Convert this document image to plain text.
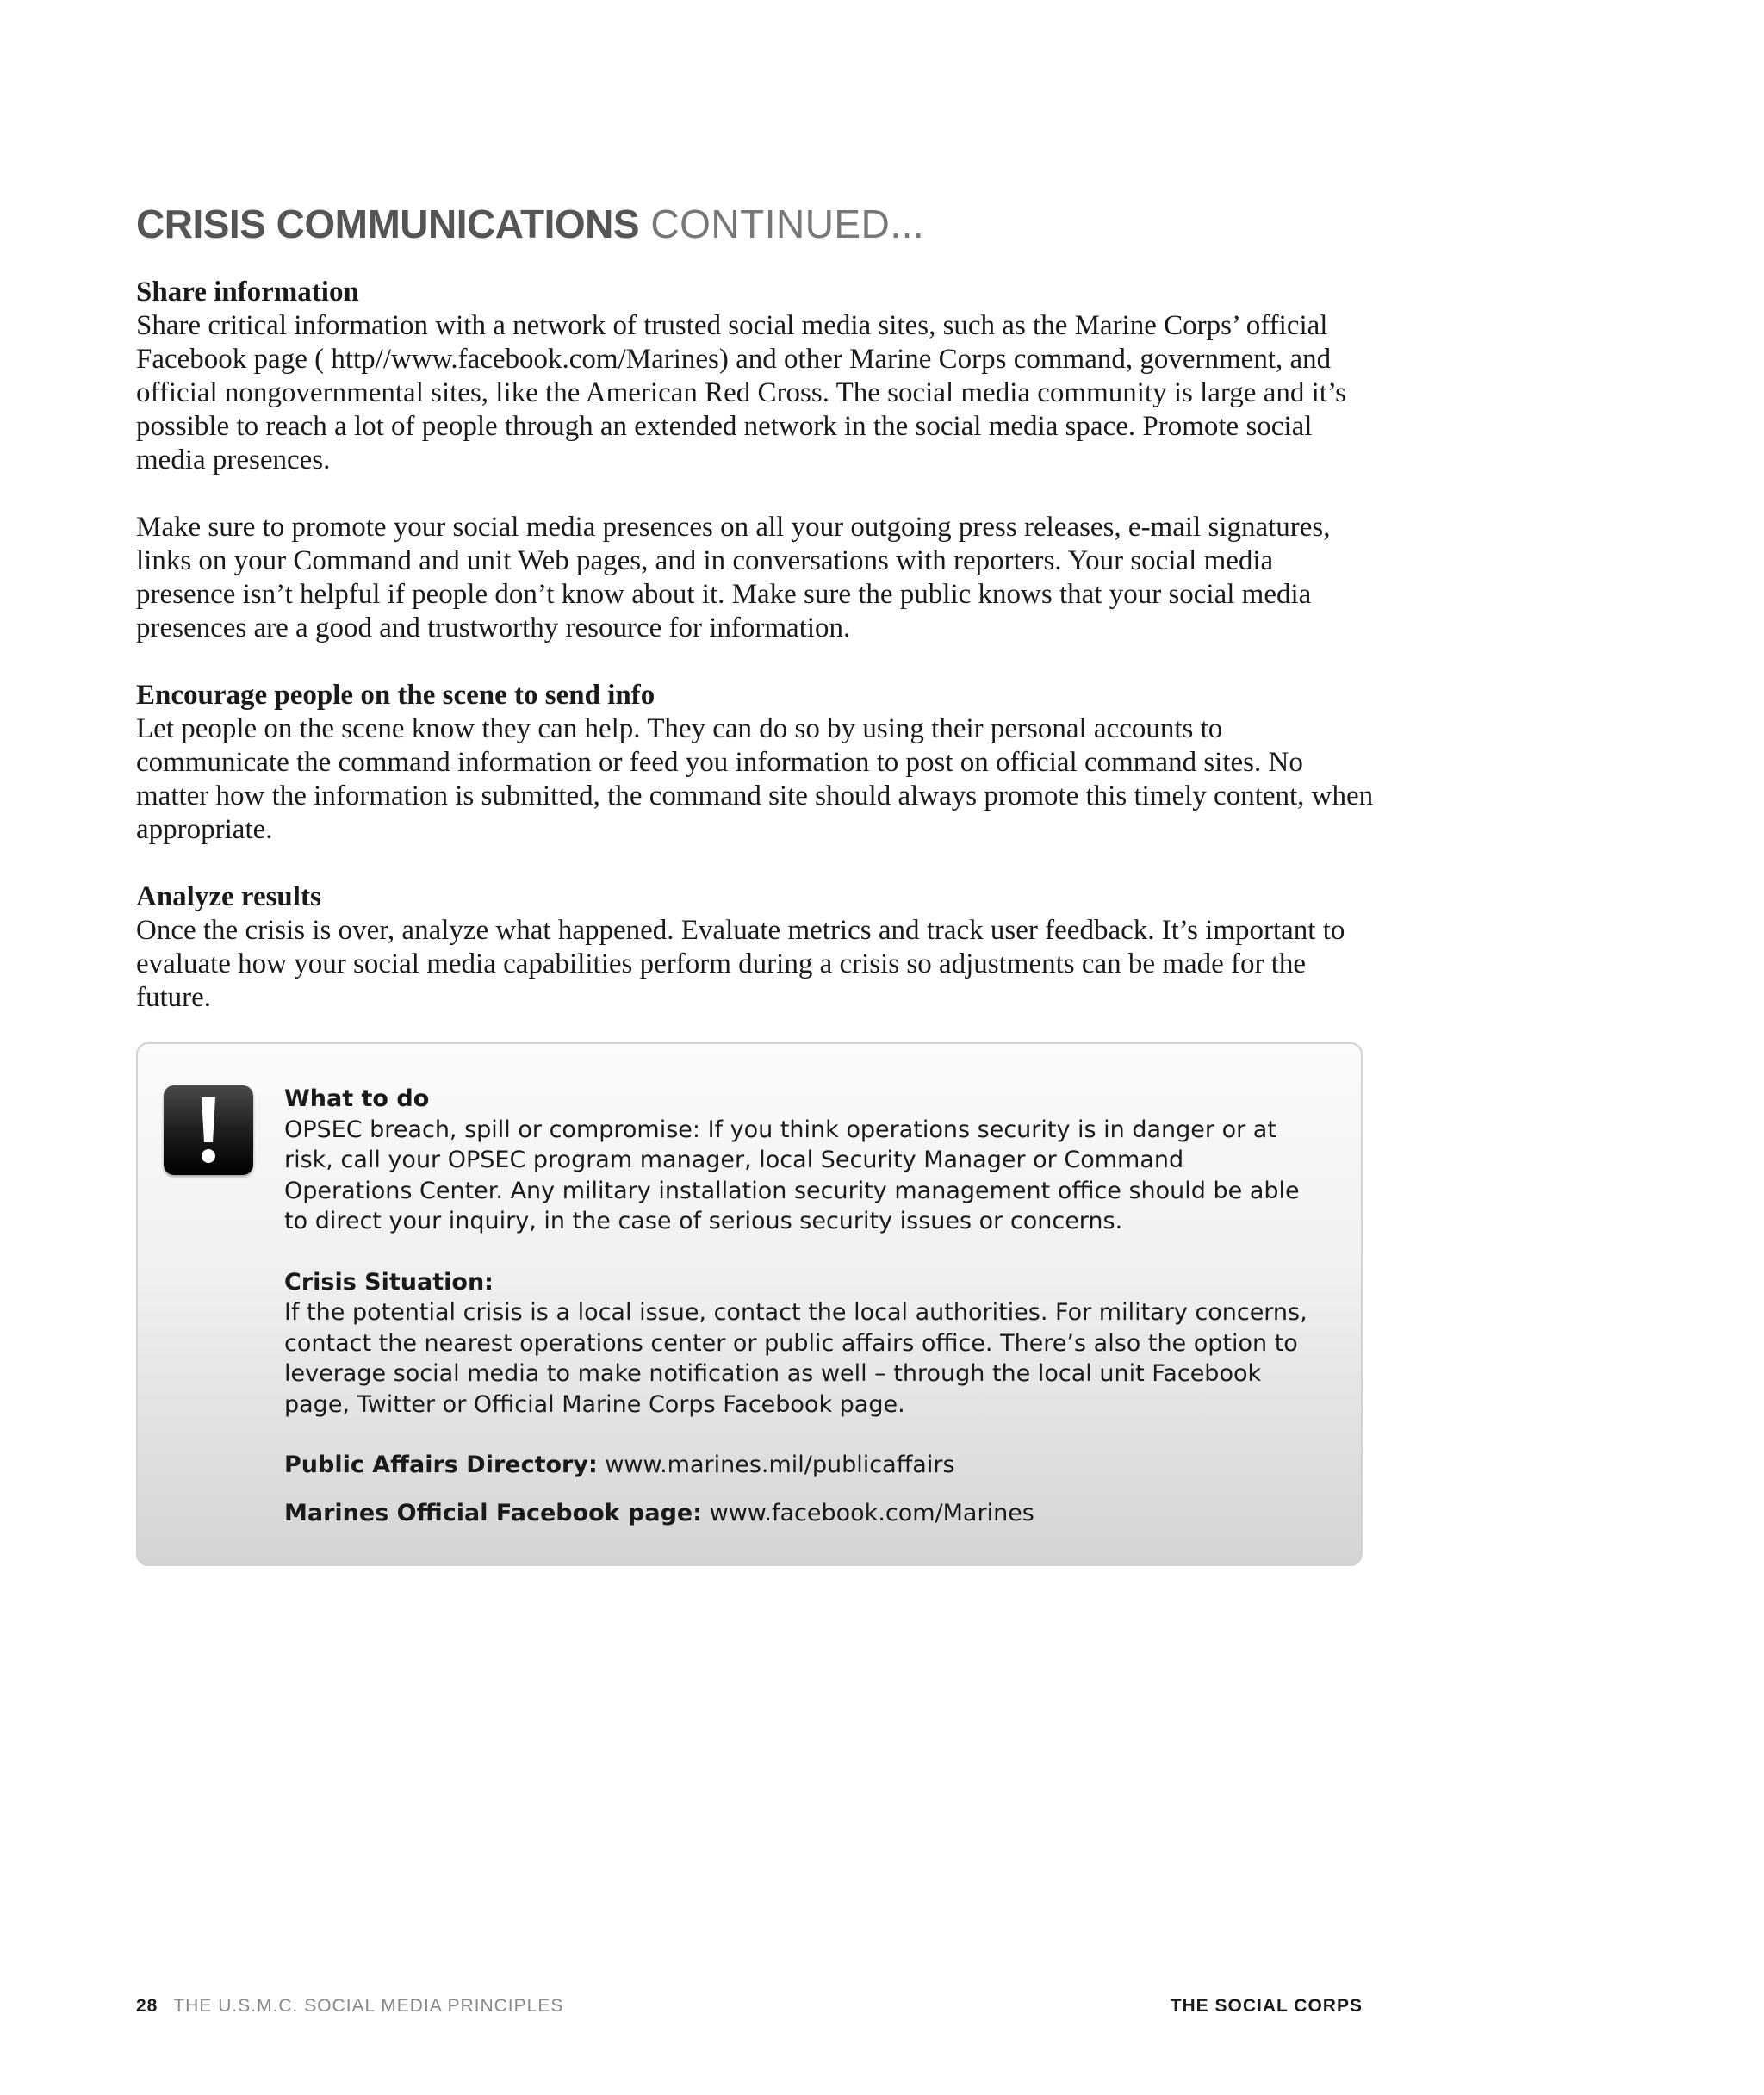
CRISIS COMMUNICATIONS CONTINUED...
Share information

Share critical information with a network of trusted social media sites, such as the Marine Corps’ official Facebook page ( http//www.facebook.com/Marines) and other Marine Corps command, government, and official nongovernmental sites, like the American Red Cross. The social media community is large and it’s possible to reach a lot of people through an extended network in the social media space. Promote social media presences.

Make sure to promote your social media presences on all your outgoing press releases, e-mail signatures, links on your Command and unit Web pages, and in conversations with reporters. Your social media presence isn’t helpful if people don’t know about it. Make sure the public knows that your social media presences are a good and trustworthy resource for information.

Encourage people on the scene to send info

Let people on the scene know they can help. They can do so by using their personal accounts to communicate the command information or feed you information to post on official command sites. No matter how the information is submitted, the command site should always promote this timely content, when appropriate.

Analyze results

Once the crisis is over, analyze what happened. Evaluate metrics and track user feedback. It’s important to evaluate how your social media capabilities perform during a crisis so adjustments can be made for the future.

What to do

OPSEC breach, spill or compromise: If you think operations security is in danger or at risk, call your OPSEC program manager, local Security Manager or Command Operations Center. Any military installation security management office should be able to direct your inquiry, in the case of serious security issues or concerns.

Crisis Situation:

If the potential crisis is a local issue, contact the local authorities. For military concerns, contact the nearest operations center or public affairs office. There’s also the option to leverage social media to make notification as well – through the local unit Facebook page, Twitter or Official Marine Corps Facebook page.

Public Affairs Directory: www.marines.mil/publicaffairs

Marines Official Facebook page: www.facebook.com/Marines

28 THE U.S.M.C. SOCIAL MEDIA PRINCIPLES	THE SOCIAL CORPS
